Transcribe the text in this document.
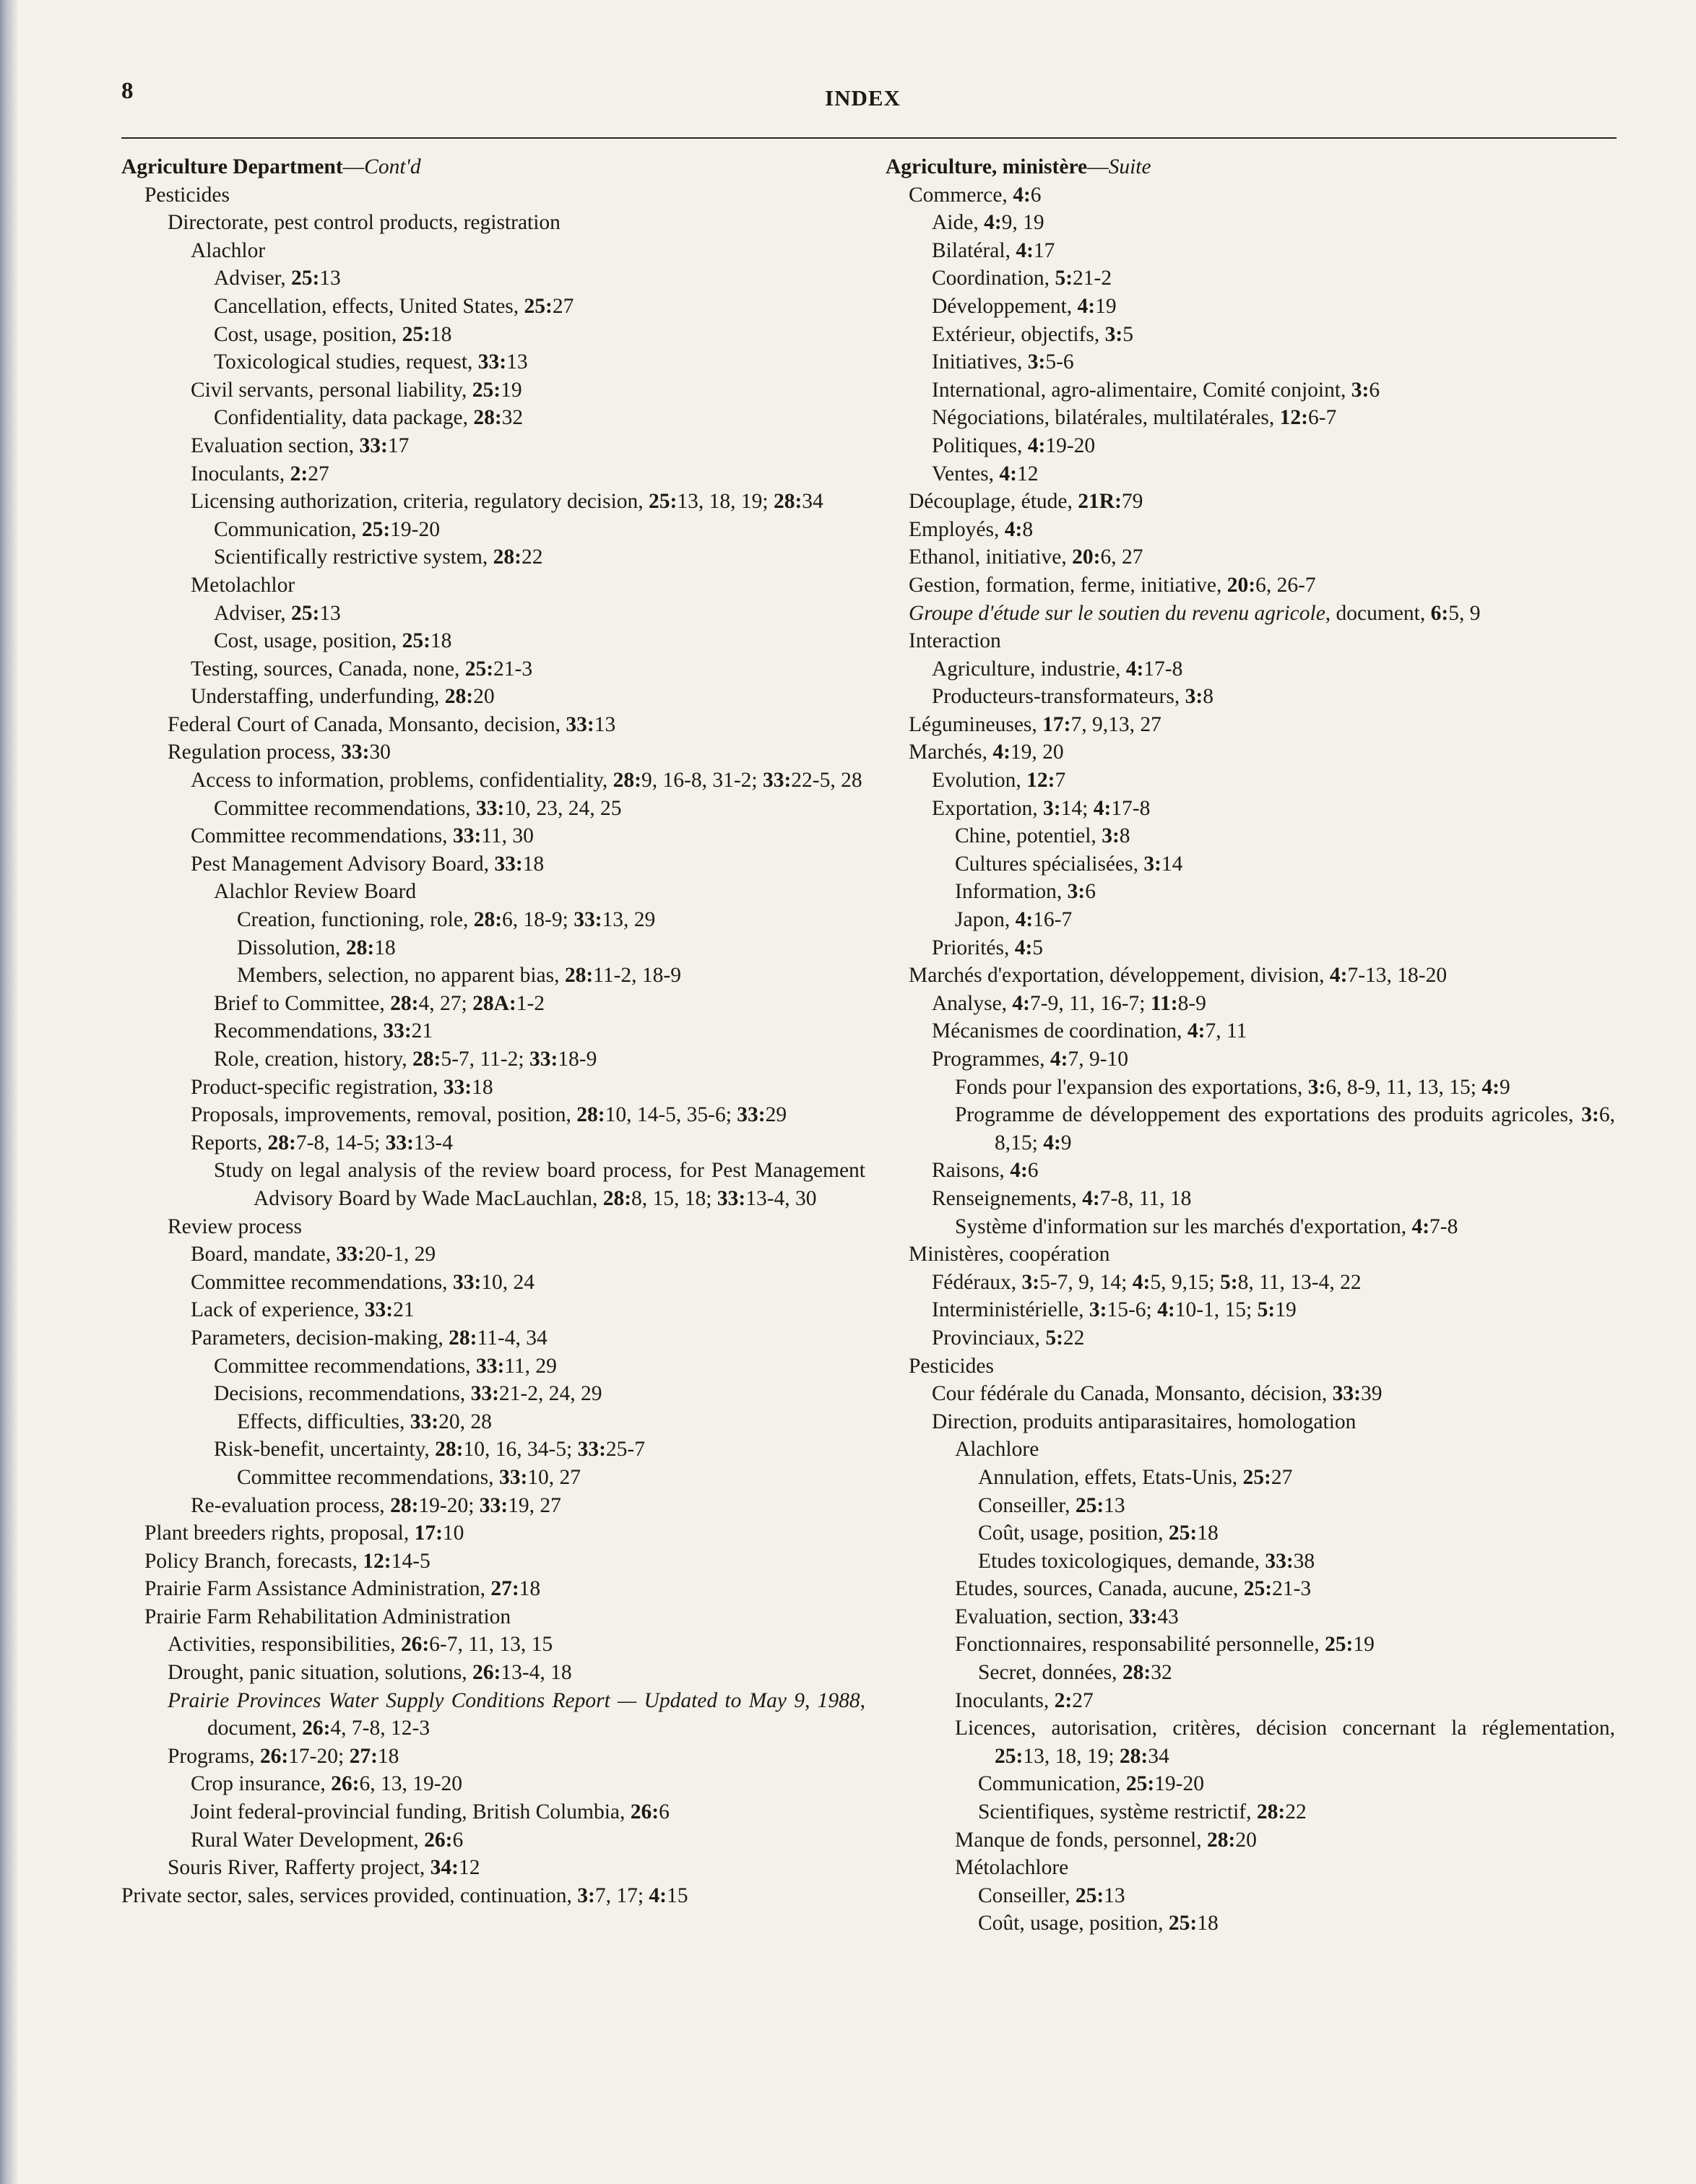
8	INDEX
Agriculture Department—Cont'd
Pesticides
Directorate, pest control products, registration
Alachlor
Adviser, 25:13
Cancellation, effects, United States, 25:27
Cost, usage, position, 25:18
Toxicological studies, request, 33:13
Civil servants, personal liability, 25:19
Confidentiality, data package, 28:32
Evaluation section, 33:17
Inoculants, 2:27
Licensing authorization, criteria, regulatory decision, 25:13, 18, 19; 28:34
Communication, 25:19-20
Scientifically restrictive system, 28:22
Metolachlor
Adviser, 25:13
Cost, usage, position, 25:18
Testing, sources, Canada, none, 25:21-3
Understaffing, underfunding, 28:20
Federal Court of Canada, Monsanto, decision, 33:13
Regulation process, 33:30
Access to information, problems, confidentiality, 28:9, 16-8, 31-2; 33:22-5, 28
Committee recommendations, 33:10, 23, 24, 25
Committee recommendations, 33:11, 30
Pest Management Advisory Board, 33:18
Alachlor Review Board
Creation, functioning, role, 28:6, 18-9; 33:13, 29
Dissolution, 28:18
Members, selection, no apparent bias, 28:11-2, 18-9
Brief to Committee, 28:4, 27; 28A:1-2
Recommendations, 33:21
Role, creation, history, 28:5-7, 11-2; 33:18-9
Product-specific registration, 33:18
Proposals, improvements, removal, position, 28:10, 14-5, 35-6; 33:29
Reports, 28:7-8, 14-5; 33:13-4
Study on legal analysis of the review board process, for Pest Management Advisory Board by Wade MacLauchlan, 28:8, 15, 18; 33:13-4, 30
Review process
Board, mandate, 33:20-1, 29
Committee recommendations, 33:10, 24
Lack of experience, 33:21
Parameters, decision-making, 28:11-4, 34
Committee recommendations, 33:11, 29
Decisions, recommendations, 33:21-2, 24, 29
Effects, difficulties, 33:20, 28
Risk-benefit, uncertainty, 28:10, 16, 34-5; 33:25-7
Committee recommendations, 33:10, 27
Re-evaluation process, 28:19-20; 33:19, 27
Plant breeders rights, proposal, 17:10
Policy Branch, forecasts, 12:14-5
Prairie Farm Assistance Administration, 27:18
Prairie Farm Rehabilitation Administration
Activities, responsibilities, 26:6-7, 11, 13, 15
Drought, panic situation, solutions, 26:13-4, 18
Prairie Provinces Water Supply Conditions Report — Updated to May 9, 1988, document, 26:4, 7-8, 12-3
Programs, 26:17-20; 27:18
Crop insurance, 26:6, 13, 19-20
Joint federal-provincial funding, British Columbia, 26:6
Rural Water Development, 26:6
Souris River, Rafferty project, 34:12
Private sector, sales, services provided, continuation, 3:7, 17; 4:15
Agriculture, ministère—Suite
Commerce, 4:6
Aide, 4:9, 19
Bilatéral, 4:17
Coordination, 5:21-2
Développement, 4:19
Extérieur, objectifs, 3:5
Initiatives, 3:5-6
International, agro-alimentaire, Comité conjoint, 3:6
Négociations, bilatérales, multilatérales, 12:6-7
Politiques, 4:19-20
Ventes, 4:12
Découplage, étude, 21R:79
Employés, 4:8
Ethanol, initiative, 20:6, 27
Gestion, formation, ferme, initiative, 20:6, 26-7
Groupe d'étude sur le soutien du revenu agricole, document, 6:5, 9
Interaction
Agriculture, industrie, 4:17-8
Producteurs-transformateurs, 3:8
Légumineuses, 17:7, 9,13, 27
Marchés, 4:19, 20
Evolution, 12:7
Exportation, 3:14; 4:17-8
Chine, potentiel, 3:8
Cultures spécialisées, 3:14
Information, 3:6
Japon, 4:16-7
Priorités, 4:5
Marchés d'exportation, développement, division, 4:7-13, 18-20
Analyse, 4:7-9, 11, 16-7; 11:8-9
Mécanismes de coordination, 4:7, 11
Programmes, 4:7, 9-10
Fonds pour l'expansion des exportations, 3:6, 8-9, 11, 13, 15; 4:9
Programme de développement des exportations des produits agricoles, 3:6, 8,15; 4:9
Raisons, 4:6
Renseignements, 4:7-8, 11, 18
Système d'information sur les marchés d'exportation, 4:7-8
Ministères, coopération
Fédéraux, 3:5-7, 9, 14; 4:5, 9,15; 5:8, 11, 13-4, 22
Interministérielle, 3:15-6; 4:10-1, 15; 5:19
Provinciaux, 5:22
Pesticides
Cour fédérale du Canada, Monsanto, décision, 33:39
Direction, produits antiparasitaires, homologation
Alachlore
Annulation, effets, Etats-Unis, 25:27
Conseiller, 25:13
Coût, usage, position, 25:18
Etudes toxicologiques, demande, 33:38
Etudes, sources, Canada, aucune, 25:21-3
Evaluation, section, 33:43
Fonctionnaires, responsabilité personnelle, 25:19
Secret, données, 28:32
Inoculants, 2:27
Licences, autorisation, critères, décision concernant la réglementation, 25:13, 18, 19; 28:34
Communication, 25:19-20
Scientifiques, système restrictif, 28:22
Manque de fonds, personnel, 28:20
Métolachlore
Conseiller, 25:13
Coût, usage, position, 25:18
